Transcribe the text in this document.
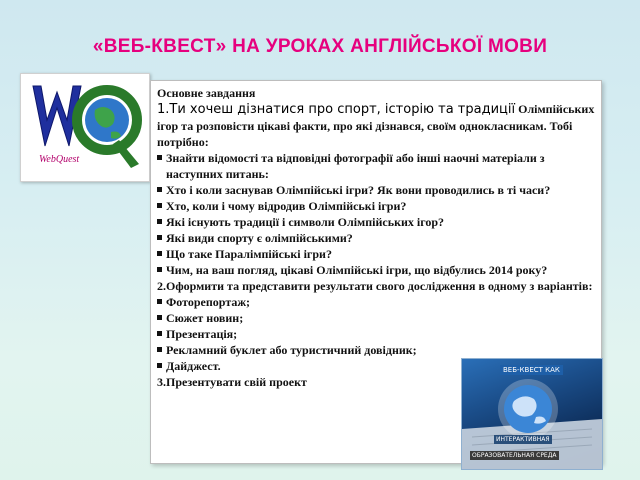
«ВЕБ-КВЕСТ» НА УРОКАХ АНГЛІЙСЬКОЇ МОВИ
WebQuest

Основне завдання

1.Ти хочеш дізнатися про спорт, історію та традиції Олімпійських ігор та розповісти цікаві факти, про які дізнався, своїм однокласникам. Тобі потрібно:

Знайти відомості та відповідні фотографії або інші наочні матеріали з наступних питань:

Хто і коли заснував Олімпійські ігри? Як вони проводились в ті часи?

Хто, коли і чому відродив Олімпійські ігри?

Які існують традиції і символи Олімпійських ігор?

Які види спорту є олімпійськими?

Що таке Паралімпійські ігри?

Чим, на ваш погляд, цікаві Олімпійські ігри, що відбулись 2014 року?

2.Оформити та представити результати свого дослідження в одному з варіантів:

Фоторепортаж;

Сюжет новин;

Презентація;

Рекламний буклет або туристичний довідник;

Дайджест.

3.Презентувати свій проект

ВЕБ-КВЕСТ КАК
ИНТЕРАКТИВНАЯ
ОБРАЗОВАТЕЛЬНАЯ СРЕДА
